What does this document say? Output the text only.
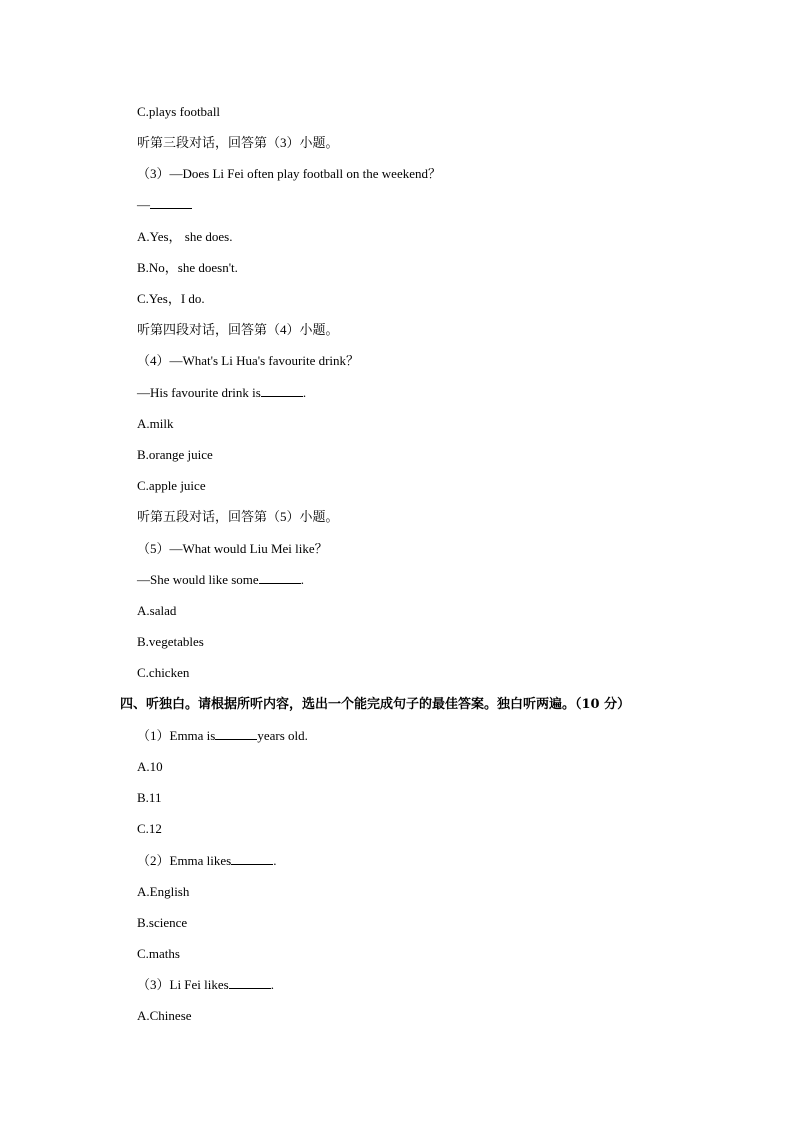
C.plays football
听第三段对话，回答第（3）小题。
（3）—Does Li Fei often play football on the weekend？
—
A.Yes， she does.
B.No，she doesn't.
C.Yes，I do.
听第四段对话，回答第（4）小题。
（4）—What's Li Hua's favourite drink？
—His favourite drink is	.
A.milk
B.orange juice
C.apple juice
听第五段对话，回答第（5）小题。
（5）—What would Liu Mei like？
—She would like some	.
A.salad
B.vegetables
C.chicken
四、听独白。请根据所听内容，选出一个能完成句子的最佳答案。独白听两遍。（10 分）
（1）Emma is	years old.
A.10
B.11
C.12
（2）Emma likes	.
A.English
B.science
C.maths
（3）Li Fei likes	.
A.Chinese
